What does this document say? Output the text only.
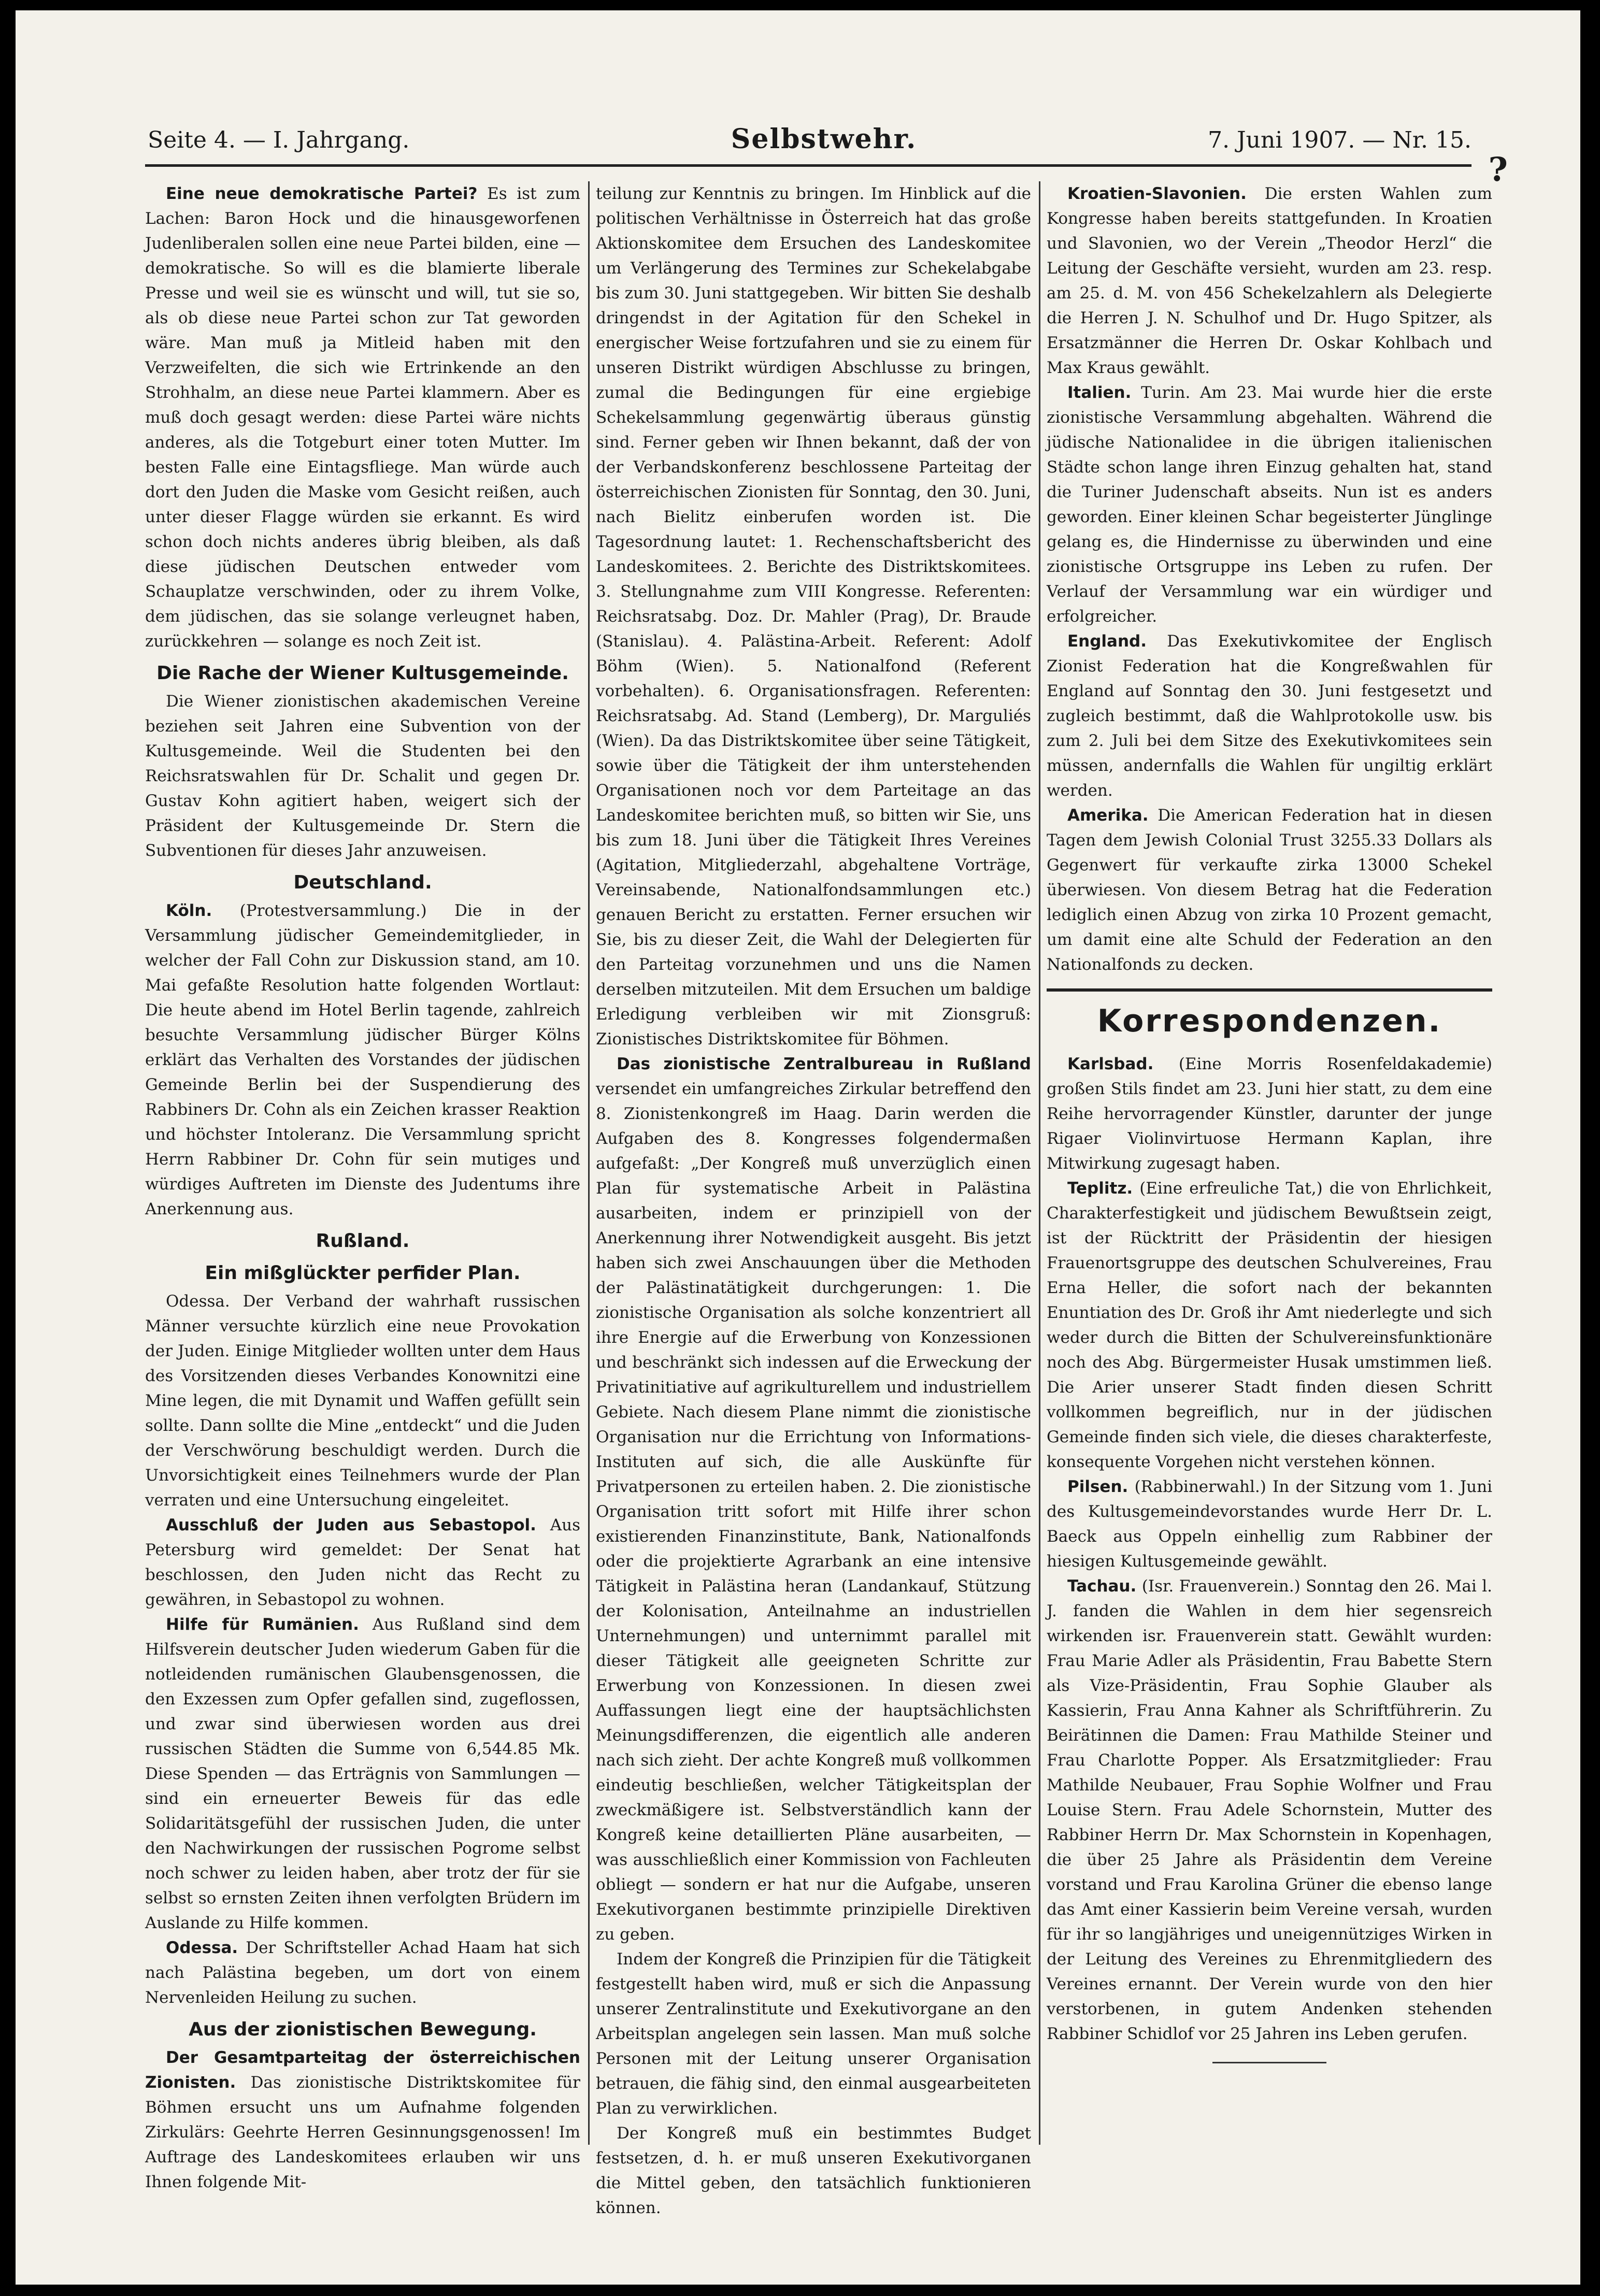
Seite 4. — I. Jahrgang.	Selbstwehr.	7. Juni 1907. — Nr. 15.
?

Eine neue demokratische Partei? Es ist zum Lachen: Baron Hock und die hinausgeworfenen Judenliberalen sollen eine neue Partei bilden, eine — demokratische. So will es die blamierte liberale Presse und weil sie es wünscht und will, tut sie so, als ob diese neue Partei schon zur Tat geworden wäre. Man muß ja Mitleid haben mit den Verzweifelten, die sich wie Ertrinkende an den Strohhalm, an diese neue Partei klammern. Aber es muß doch gesagt werden: diese Partei wäre nichts anderes, als die Totgeburt einer toten Mutter. Im besten Falle eine Eintagsfliege. Man würde auch dort den Juden die Maske vom Gesicht reißen, auch unter dieser Flagge würden sie erkannt. Es wird schon doch nichts anderes übrig bleiben, als daß diese jüdischen Deutschen entweder vom Schauplatze verschwinden, oder zu ihrem Volke, dem jüdischen, das sie solange verleugnet haben, zurückkehren — solange es noch Zeit ist.

Die Rache der Wiener Kultusgemeinde.

Die Wiener zionistischen akademischen Vereine beziehen seit Jahren eine Subvention von der Kultusgemeinde. Weil die Studenten bei den Reichsratswahlen für Dr. Schalit und gegen Dr. Gustav Kohn agitiert haben, weigert sich der Präsident der Kultusgemeinde Dr. Stern die Subventionen für dieses Jahr anzuweisen.

Deutschland.

Köln. (Protestversammlung.) Die in der Versammlung jüdischer Gemeindemitglieder, in welcher der Fall Cohn zur Diskussion stand, am 10. Mai gefaßte Resolution hatte folgenden Wortlaut: Die heute abend im Hotel Berlin tagende, zahlreich besuchte Versammlung jüdischer Bürger Kölns erklärt das Verhalten des Vorstandes der jüdischen Gemeinde Berlin bei der Suspendierung des Rabbiners Dr. Cohn als ein Zeichen krasser Reaktion und höchster Intoleranz. Die Versammlung spricht Herrn Rabbiner Dr. Cohn für sein mutiges und würdiges Auftreten im Dienste des Judentums ihre Anerkennung aus.

Rußland.
Ein mißglückter perfider Plan.

Odessa. Der Verband der wahrhaft russischen Männer versuchte kürzlich eine neue Provokation der Juden. Einige Mitglieder wollten unter dem Haus des Vorsitzenden dieses Verbandes Konownitzi eine Mine legen, die mit Dynamit und Waffen gefüllt sein sollte. Dann sollte die Mine „entdeckt“ und die Juden der Verschwörung beschuldigt werden. Durch die Unvorsichtigkeit eines Teilnehmers wurde der Plan verraten und eine Untersuchung eingeleitet.

Ausschluß der Juden aus Sebastopol. Aus Petersburg wird gemeldet: Der Senat hat beschlossen, den Juden nicht das Recht zu gewähren, in Sebastopol zu wohnen.

Hilfe für Rumänien. Aus Rußland sind dem Hilfsverein deutscher Juden wiederum Gaben für die notleidenden rumänischen Glaubensgenossen, die den Exzessen zum Opfer gefallen sind, zugeflossen, und zwar sind überwiesen worden aus drei russischen Städten die Summe von 6,544.85 Mk. Diese Spenden — das Erträgnis von Sammlungen — sind ein erneuerter Beweis für das edle Solidaritätsgefühl der russischen Juden, die unter den Nachwirkungen der russischen Pogrome selbst noch schwer zu leiden haben, aber trotz der für sie selbst so ernsten Zeiten ihnen verfolgten Brüdern im Auslande zu Hilfe kommen.

Odessa. Der Schriftsteller Achad Haam hat sich nach Palästina begeben, um dort von einem Nervenleiden Heilung zu suchen.

Aus der zionistischen Bewegung.

Der Gesamtparteitag der österreichischen Zionisten. Das zionistische Distriktskomitee für Böhmen ersucht uns um Aufnahme folgenden Zirkulärs: Geehrte Herren Gesinnungsgenossen! Im Auftrage des Landeskomitees erlauben wir uns Ihnen folgende Mit-

teilung zur Kenntnis zu bringen. Im Hinblick auf die politischen Verhältnisse in Österreich hat das große Aktionskomitee dem Ersuchen des Landeskomitee um Verlängerung des Termines zur Schekelabgabe bis zum 30. Juni stattgegeben. Wir bitten Sie deshalb dringendst in der Agitation für den Schekel in energischer Weise fortzufahren und sie zu einem für unseren Distrikt würdigen Abschlusse zu bringen, zumal die Bedingungen für eine ergiebige Schekelsammlung gegenwärtig überaus günstig sind. Ferner geben wir Ihnen bekannt, daß der von der Verbandskonferenz beschlossene Parteitag der österreichischen Zionisten für Sonntag, den 30. Juni, nach Bielitz einberufen worden ist. Die Tagesordnung lautet: 1. Rechenschaftsbericht des Landeskomitees. 2. Berichte des Distriktskomitees. 3. Stellungnahme zum VIII Kongresse. Referenten: Reichsratsabg. Doz. Dr. Mahler (Prag), Dr. Braude (Stanislau). 4. Palästina-Arbeit. Referent: Adolf Böhm (Wien). 5. Nationalfond (Referent vorbehalten). 6. Organisationsfragen. Referenten: Reichsratsabg. Ad. Stand (Lemberg), Dr. Marguliés (Wien). Da das Distriktskomitee über seine Tätigkeit, sowie über die Tätigkeit der ihm unterstehenden Organisationen noch vor dem Parteitage an das Landeskomitee berichten muß, so bitten wir Sie, uns bis zum 18. Juni über die Tätigkeit Ihres Vereines (Agitation, Mitgliederzahl, abgehaltene Vorträge, Vereinsabende, Nationalfondsammlungen etc.) genauen Bericht zu erstatten. Ferner ersuchen wir Sie, bis zu dieser Zeit, die Wahl der Delegierten für den Parteitag vorzunehmen und uns die Namen derselben mitzuteilen. Mit dem Ersuchen um baldige Erledigung verbleiben wir mit Zionsgruß: Zionistisches Distriktskomitee für Böhmen.

Das zionistische Zentralbureau in Rußland versendet ein umfangreiches Zirkular betreffend den 8. Zionistenkongreß im Haag. Darin werden die Aufgaben des 8. Kongresses folgendermaßen aufgefaßt: „Der Kongreß muß unverzüglich einen Plan für systematische Arbeit in Palästina ausarbeiten, indem er prinzipiell von der Anerkennung ihrer Notwendigkeit ausgeht. Bis jetzt haben sich zwei Anschauungen über die Methoden der Palästinatätigkeit durchgerungen: 1. Die zionistische Organisation als solche konzentriert all ihre Energie auf die Erwerbung von Konzessionen und beschränkt sich indessen auf die Erweckung der Privatinitiative auf agrikulturellem und industriellem Gebiete. Nach diesem Plane nimmt die zionistische Organisation nur die Errichtung von Informations-Instituten auf sich, die alle Auskünfte für Privatpersonen zu erteilen haben. 2. Die zionistische Organisation tritt sofort mit Hilfe ihrer schon existierenden Finanzinstitute, Bank, Nationalfonds oder die projektierte Agrarbank an eine intensive Tätigkeit in Palästina heran (Landankauf, Stützung der Kolonisation, Anteilnahme an industriellen Unternehmungen) und unternimmt parallel mit dieser Tätigkeit alle geeigneten Schritte zur Erwerbung von Konzessionen. In diesen zwei Auffassungen liegt eine der hauptsächlichsten Meinungsdifferenzen, die eigentlich alle anderen nach sich zieht. Der achte Kongreß muß vollkommen eindeutig beschließen, welcher Tätigkeitsplan der zweckmäßigere ist. Selbstverständlich kann der Kongreß keine detaillierten Pläne ausarbeiten, — was ausschließlich einer Kommission von Fachleuten obliegt — sondern er hat nur die Aufgabe, unseren Exekutivorganen bestimmte prinzipielle Direktiven zu geben.

Indem der Kongreß die Prinzipien für die Tätigkeit festgestellt haben wird, muß er sich die Anpassung unserer Zentralinstitute und Exekutivorgane an den Arbeitsplan angelegen sein lassen. Man muß solche Personen mit der Leitung unserer Organisation betrauen, die fähig sind, den einmal ausgearbeiteten Plan zu verwirklichen.

Der Kongreß muß ein bestimmtes Budget festsetzen, d. h. er muß unseren Exekutivorganen die Mittel geben, den tatsächlich funktionieren können.

Kroatien-Slavonien. Die ersten Wahlen zum Kongresse haben bereits stattgefunden. In Kroatien und Slavonien, wo der Verein „Theodor Herzl“ die Leitung der Geschäfte versieht, wurden am 23. resp. am 25. d. M. von 456 Schekelzahlern als Delegierte die Herren J. N. Schulhof und Dr. Hugo Spitzer, als Ersatzmänner die Herren Dr. Oskar Kohlbach und Max Kraus gewählt.

Italien. Turin. Am 23. Mai wurde hier die erste zionistische Versammlung abgehalten. Während die jüdische Nationalidee in die übrigen italienischen Städte schon lange ihren Einzug gehalten hat, stand die Turiner Judenschaft abseits. Nun ist es anders geworden. Einer kleinen Schar begeisterter Jünglinge gelang es, die Hindernisse zu überwinden und eine zionistische Ortsgruppe ins Leben zu rufen. Der Verlauf der Versammlung war ein würdiger und erfolgreicher.

England. Das Exekutivkomitee der Englisch Zionist Federation hat die Kongreßwahlen für England auf Sonntag den 30. Juni festgesetzt und zugleich bestimmt, daß die Wahlprotokolle usw. bis zum 2. Juli bei dem Sitze des Exekutivkomitees sein müssen, andernfalls die Wahlen für ungiltig erklärt werden.

Amerika. Die American Federation hat in diesen Tagen dem Jewish Colonial Trust 3255.33 Dollars als Gegenwert für verkaufte zirka 13000 Schekel überwiesen. Von diesem Betrag hat die Federation lediglich einen Abzug von zirka 10 Prozent gemacht, um damit eine alte Schuld der Federation an den Nationalfonds zu decken.

Korrespondenzen.

Karlsbad. (Eine Morris Rosenfeldakademie) großen Stils findet am 23. Juni hier statt, zu dem eine Reihe hervorragender Künstler, darunter der junge Rigaer Violinvirtuose Hermann Kaplan, ihre Mitwirkung zugesagt haben.

Teplitz. (Eine erfreuliche Tat,) die von Ehrlichkeit, Charakterfestigkeit und jüdischem Bewußtsein zeigt, ist der Rücktritt der Präsidentin der hiesigen Frauenortsgruppe des deutschen Schulvereines, Frau Erna Heller, die sofort nach der bekannten Enuntiation des Dr. Groß ihr Amt niederlegte und sich weder durch die Bitten der Schulvereinsfunktionäre noch des Abg. Bürgermeister Husak umstimmen ließ. Die Arier unserer Stadt finden diesen Schritt vollkommen begreiflich, nur in der jüdischen Gemeinde finden sich viele, die dieses charakterfeste, konsequente Vorgehen nicht verstehen können.

Pilsen. (Rabbinerwahl.) In der Sitzung vom 1. Juni des Kultusgemeindevorstandes wurde Herr Dr. L. Baeck aus Oppeln einhellig zum Rabbiner der hiesigen Kultusgemeinde gewählt.

Tachau. (Isr. Frauenverein.) Sonntag den 26. Mai l. J. fanden die Wahlen in dem hier segensreich wirkenden isr. Frauenverein statt. Gewählt wurden: Frau Marie Adler als Präsidentin, Frau Babette Stern als Vize-Präsidentin, Frau Sophie Glauber als Kassierin, Frau Anna Kahner als Schriftführerin. Zu Beirätinnen die Damen: Frau Mathilde Steiner und Frau Charlotte Popper. Als Ersatzmitglieder: Frau Mathilde Neubauer, Frau Sophie Wolfner und Frau Louise Stern. Frau Adele Schornstein, Mutter des Rabbiner Herrn Dr. Max Schornstein in Kopenhagen, die über 25 Jahre als Präsidentin dem Vereine vorstand und Frau Karolina Grüner die ebenso lange das Amt einer Kassierin beim Vereine versah, wurden für ihr so langjähriges und uneigennütziges Wirken in der Leitung des Vereines zu Ehrenmitgliedern des Vereines ernannt. Der Verein wurde von den hier verstorbenen, in gutem Andenken stehenden Rabbiner Schidlof vor 25 Jahren ins Leben gerufen.
